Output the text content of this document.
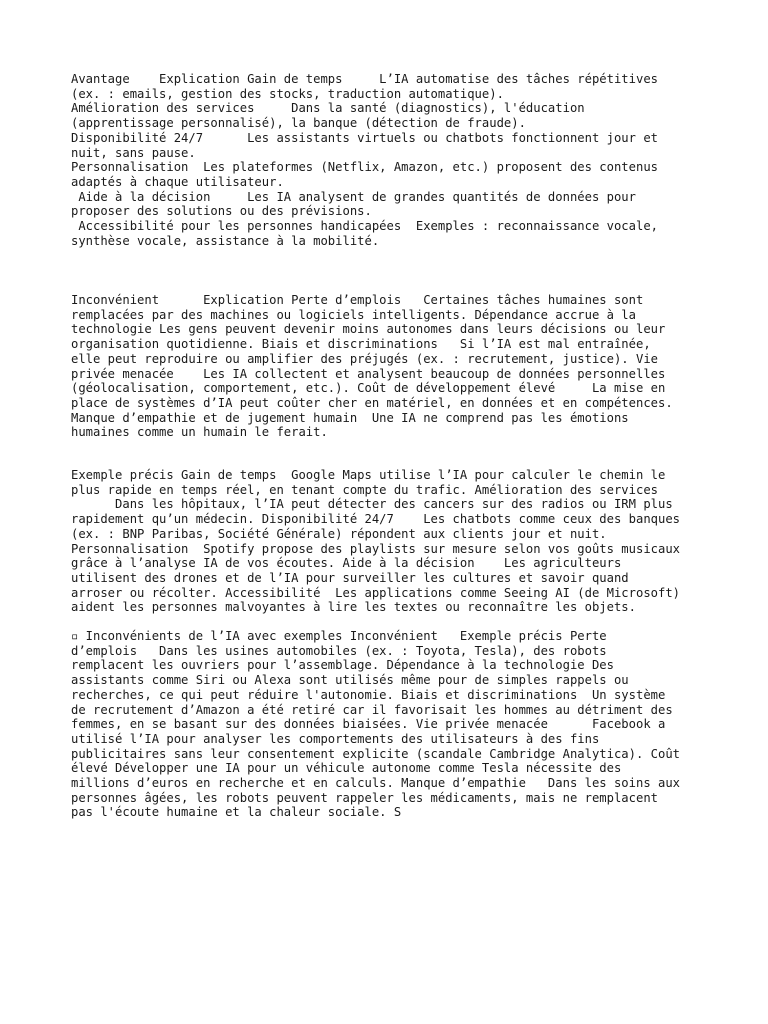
Avantage    Explication Gain de temps     L’IA automatise des tâches répétitives
(ex. : emails, gestion des stocks, traduction automatique).
Amélioration des services     Dans la santé (diagnostics), l'éducation
(apprentissage personnalisé), la banque (détection de fraude).
Disponibilité 24/7      Les assistants virtuels ou chatbots fonctionnent jour et
nuit, sans pause.
Personnalisation  Les plateformes (Netflix, Amazon, etc.) proposent des contenus
adaptés à chaque utilisateur.
Aide à la décision     Les IA analysent de grandes quantités de données pour
proposer des solutions ou des prévisions.
Accessibilité pour les personnes handicapées  Exemples : reconnaissance vocale,
synthèse vocale, assistance à la mobilité.
Inconvénient      Explication Perte d’emplois   Certaines tâches humaines sont
remplacées par des machines ou logiciels intelligents. Dépendance accrue à la
technologie Les gens peuvent devenir moins autonomes dans leurs décisions ou leur
organisation quotidienne. Biais et discriminations   Si l’IA est mal entraînée,
elle peut reproduire ou amplifier des préjugés (ex. : recrutement, justice). Vie
privée menacée    Les IA collectent et analysent beaucoup de données personnelles
(géolocalisation, comportement, etc.). Coût de développement élevé     La mise en
place de systèmes d’IA peut coûter cher en matériel, en données et en compétences.
Manque d’empathie et de jugement humain  Une IA ne comprend pas les émotions
humaines comme un humain le ferait.
Exemple précis Gain de temps  Google Maps utilise l’IA pour calculer le chemin le
plus rapide en temps réel, en tenant compte du trafic. Amélioration des services
Dans les hôpitaux, l’IA peut détecter des cancers sur des radios ou IRM plus
rapidement qu’un médecin. Disponibilité 24/7    Les chatbots comme ceux des banques
(ex. : BNP Paribas, Société Générale) répondent aux clients jour et nuit.
Personnalisation  Spotify propose des playlists sur mesure selon vos goûts musicaux
grâce à l’analyse IA de vos écoutes. Aide à la décision    Les agriculteurs
utilisent des drones et de l’IA pour surveiller les cultures et savoir quand
arroser ou récolter. Accessibilité  Les applications comme Seeing AI (de Microsoft)
aident les personnes malvoyantes à lire les textes ou reconnaître les objets.
▫ Inconvénients de l’IA avec exemples Inconvénient   Exemple précis Perte
d’emplois   Dans les usines automobiles (ex. : Toyota, Tesla), des robots
remplacent les ouvriers pour l’assemblage. Dépendance à la technologie Des
assistants comme Siri ou Alexa sont utilisés même pour de simples rappels ou
recherches, ce qui peut réduire l'autonomie. Biais et discriminations  Un système
de recrutement d’Amazon a été retiré car il favorisait les hommes au détriment des
femmes, en se basant sur des données biaisées. Vie privée menacée      Facebook a
utilisé l’IA pour analyser les comportements des utilisateurs à des fins
publicitaires sans leur consentement explicite (scandale Cambridge Analytica). Coût
élevé Développer une IA pour un véhicule autonome comme Tesla nécessite des
millions d’euros en recherche et en calculs. Manque d’empathie   Dans les soins aux
personnes âgées, les robots peuvent rappeler les médicaments, mais ne remplacent
pas l'écoute humaine et la chaleur sociale. S
